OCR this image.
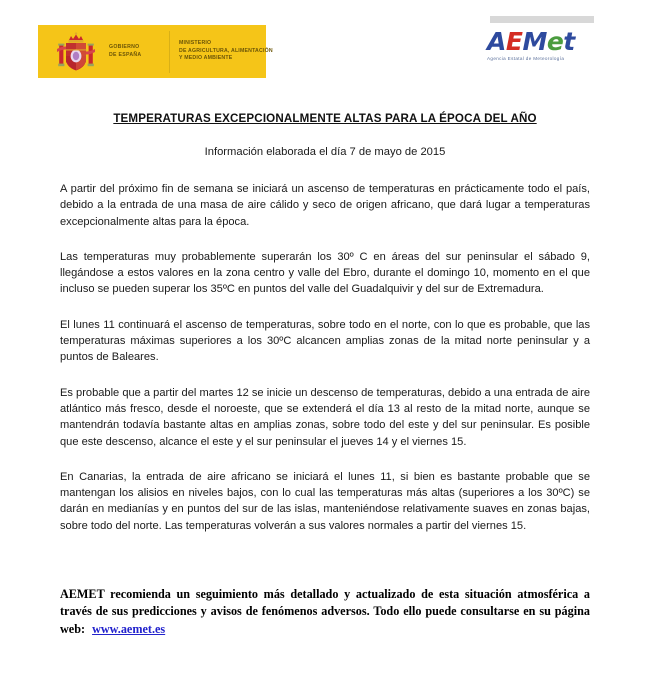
GOBIERNO
DE ESPAÑA
MINISTERIO
DE AGRICULTURA, ALIMENTACIÓN
Y MEDIO AMBIENTE
AEMet
Agencia Estatal de Meteorología
TEMPERATURAS EXCEPCIONALMENTE ALTAS PARA LA ÉPOCA DEL AÑO
Información elaborada el día 7 de mayo de 2015

A partir del próximo fin de semana se iniciará un ascenso de temperaturas en prácticamente todo el país, debido a la entrada de una masa de aire cálido y seco de origen africano, que dará lugar a temperaturas excepcionalmente altas para la época.

Las temperaturas muy probablemente superarán los 30º C en áreas del sur peninsular el sábado 9, llegándose a estos valores en la zona centro y valle del Ebro, durante el domingo 10, momento en el que incluso se pueden superar los 35ºC en puntos del valle del Guadalquivir y del sur de Extremadura.

El lunes 11 continuará el ascenso de temperaturas, sobre todo en el norte, con lo que es probable, que las temperaturas máximas superiores a los 30ºC alcancen amplias zonas de la mitad norte peninsular y a puntos de Baleares.

Es probable que a partir del martes 12 se inicie un descenso de temperaturas, debido a una entrada de aire atlántico más fresco, desde el noroeste, que se extenderá el día 13 al resto de la mitad norte, aunque se mantendrán todavía bastante altas en amplias zonas, sobre todo del este y del sur peninsular. Es posible que este descenso, alcance el este y el sur peninsular el jueves 14 y el viernes 15.

En Canarias, la entrada de aire africano se iniciará el lunes 11, si bien es bastante probable que se mantengan los alisios en niveles bajos, con lo cual las temperaturas más altas (superiores a los 30ºC) se darán en medianías y en puntos del sur de las islas, manteniéndose relativamente suaves en zonas bajas, sobre todo del norte. Las temperaturas volverán a sus valores normales a partir del viernes 15.

AEMET recomienda un seguimiento más detallado y actualizado de esta situación atmosférica a través de sus predicciones y avisos de fenómenos adversos. Todo ello puede consultarse en su página web: www.aemet.es
